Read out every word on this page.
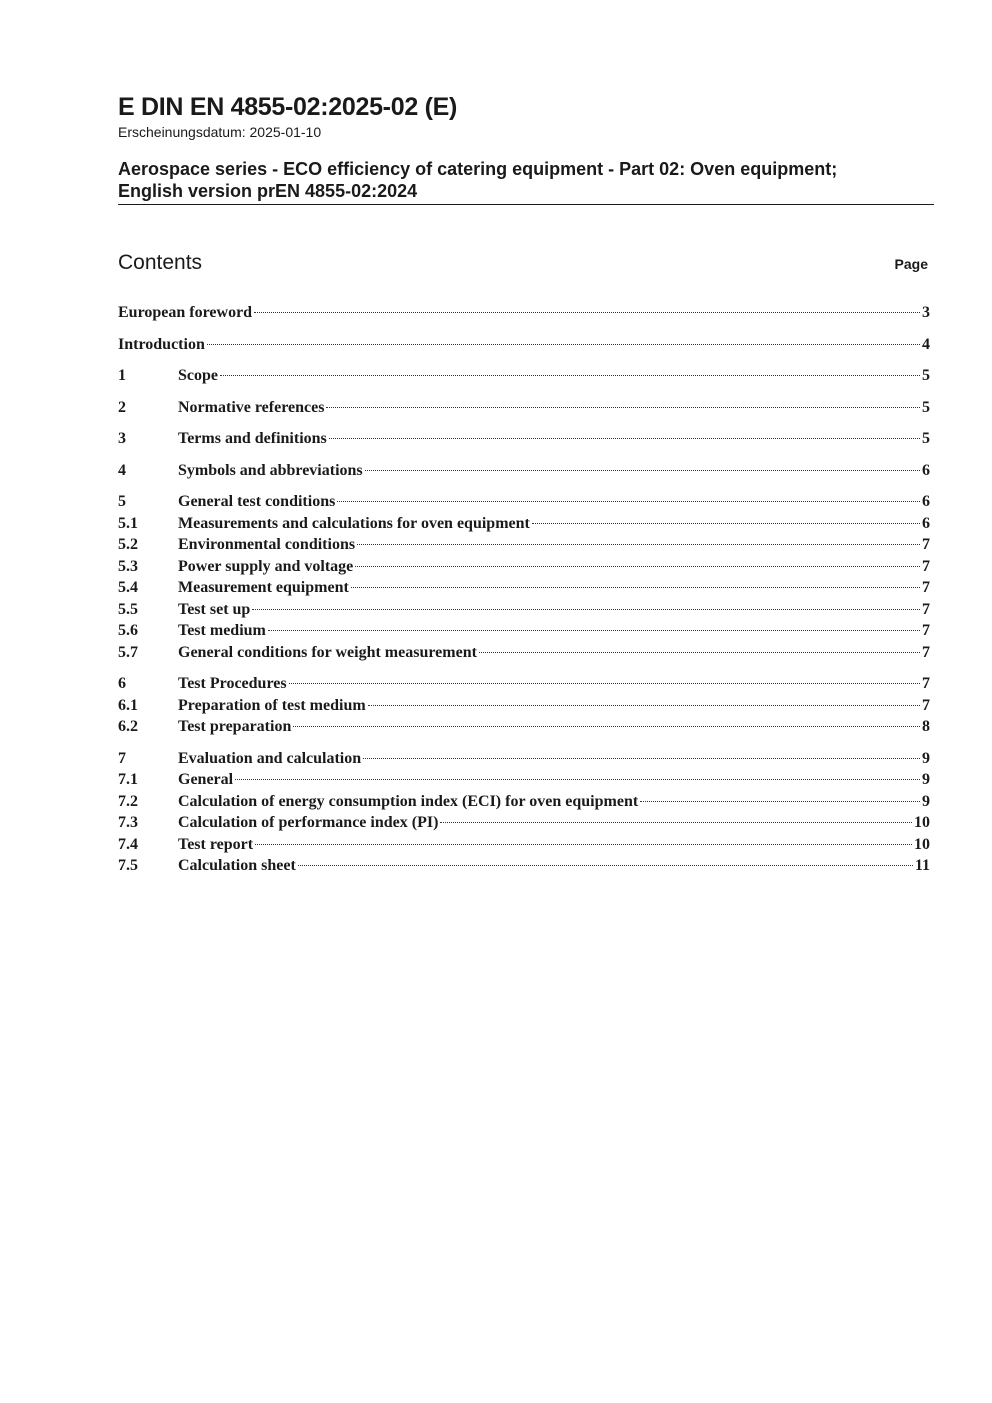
E DIN EN 4855-02:2025-02 (E)
Erscheinungsdatum: 2025-01-10
Aerospace series - ECO efficiency of catering equipment - Part 02: Oven equipment;
English version prEN 4855-02:2024
Contents	Page
European foreword	3
Introduction	4
1	Scope	5
2	Normative references	5
3	Terms and definitions	5
4	Symbols and abbreviations	6
5	General test conditions	6
5.1	Measurements and calculations for oven equipment	6
5.2	Environmental conditions	7
5.3	Power supply and voltage	7
5.4	Measurement equipment	7
5.5	Test set up	7
5.6	Test medium	7
5.7	General conditions for weight measurement	7
6	Test Procedures	7
6.1	Preparation of test medium	7
6.2	Test preparation	8
7	Evaluation and calculation	9
7.1	General	9
7.2	Calculation of energy consumption index (ECI) for oven equipment	9
7.3	Calculation of performance index (PI)	10
7.4	Test report	10
7.5	Calculation sheet	11
